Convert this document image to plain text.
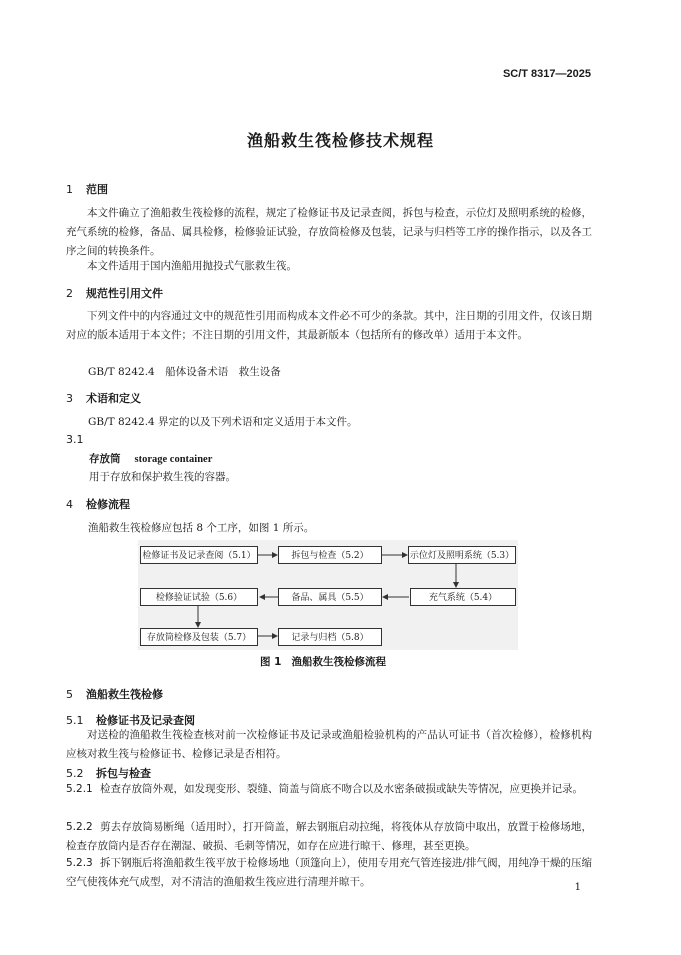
SC/T 8317—2025
渔船救生筏检修技术规程
1 范围
本文件确立了渔船救生筏检修的流程，规定了检修证书及记录查阅，拆包与检查，示位灯及照明系统的检修，充气系统的检修，备品、属具检修，检修验证试验，存放筒检修及包装，记录与归档等工序的操作指示，以及各工序之间的转换条件。
本文件适用于国内渔船用抛投式气胀救生筏。
2 规范性引用文件
下列文件中的内容通过文中的规范性引用而构成本文件必不可少的条款。其中，注日期的引用文件，仅该日期对应的版本适用于本文件；不注日期的引用文件，其最新版本（包括所有的修改单）适用于本文件。
GB/T 8242.4　船体设备术语　救生设备
3 术语和定义
GB/T 8242.4 界定的以及下列术语和定义适用于本文件。
3.1
存放筒 storage container
用于存放和保护救生筏的容器。
4 检修流程
渔船救生筏检修应包括 8 个工序，如图 1 所示。
检修证书及记录查阅（5.1）	拆包与检查（5.2）	示位灯及照明系统（5.3）
充气系统（5.4）
备品、属具（5.5）
检修验证试验（5.6）
存放筒检修及包装（5.7）	记录与归档（5.8）
图 1 渔船救生筏检修流程
5 渔船救生筏检修
5.1 检修证书及记录查阅
对送检的渔船救生筏检查核对前一次检修证书及记录或渔船检验机构的产品认可证书（首次检修），检修机构应核对救生筏与检修证书、检修记录是否相符。
5.2 拆包与检查
5.2.1 检查存放筒外观，如发现变形、裂缝、筒盖与筒底不吻合以及水密条破损或缺失等情况，应更换并记录。
5.2.2 剪去存放筒易断绳（适用时），打开筒盖，解去钢瓶启动拉绳，将筏体从存放筒中取出，放置于检修场地，检查存放筒内是否存在潮湿、破损、毛刺等情况，如存在应进行晾干、修理，甚至更换。
5.2.3 拆下钢瓶后将渔船救生筏平放于检修场地（顶篷向上），使用专用充气管连接进/排气阀，用纯净干燥的压缩空气使筏体充气成型，对不清洁的渔船救生筏应进行清理并晾干。	1
